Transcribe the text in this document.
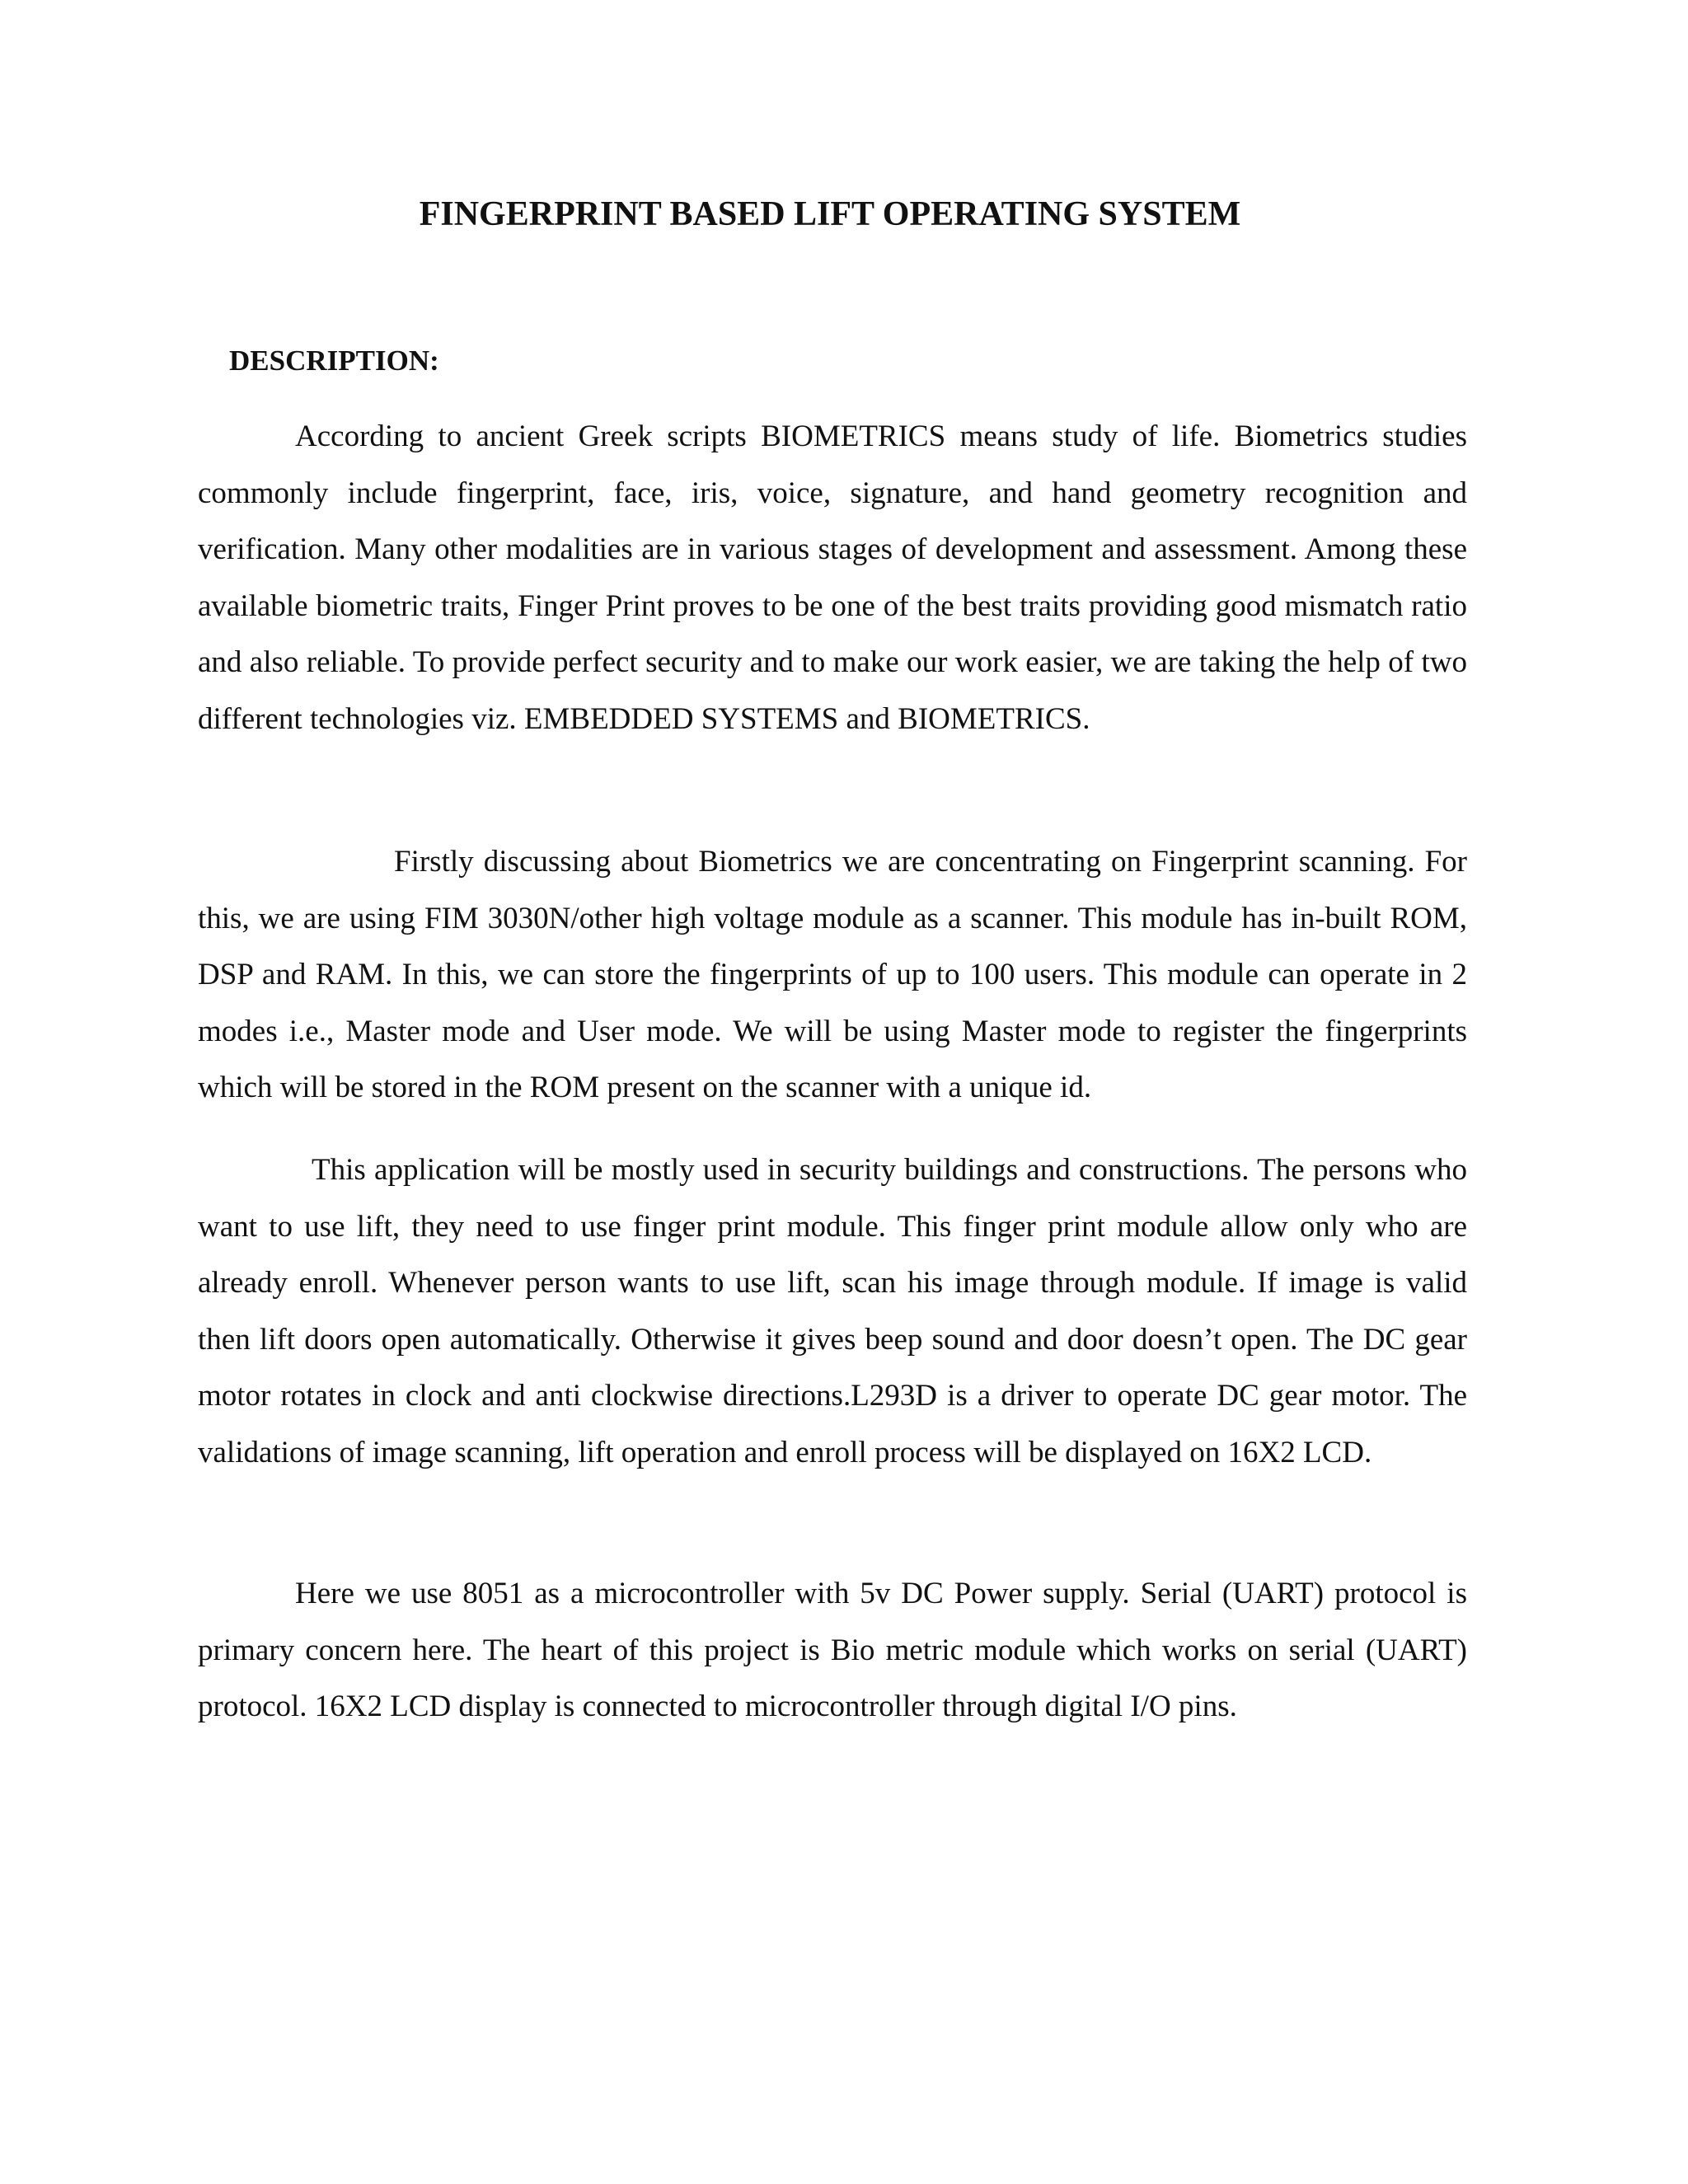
FINGERPRINT BASED LIFT OPERATING SYSTEM
DESCRIPTION:

According to ancient Greek scripts BIOMETRICS means study of life. Biometrics studies commonly include fingerprint, face, iris, voice, signature, and hand geometry recognition and verification. Many other modalities are in various stages of development and assessment. Among these available biometric traits, Finger Print proves to be one of the best traits providing good mismatch ratio and also reliable. To provide perfect security and to make our work easier, we are taking the help of two different technologies viz. EMBEDDED SYSTEMS and BIOMETRICS.

Firstly discussing about Biometrics we are concentrating on Fingerprint scanning. For this, we are using FIM 3030N/other high voltage module as a scanner. This module has in-built ROM, DSP and RAM. In this, we can store the fingerprints of up to 100 users. This module can operate in 2 modes i.e., Master mode and User mode. We will be using Master mode to register the fingerprints which will be stored in the ROM present on the scanner with a unique id.

This application will be mostly used in security buildings and constructions. The persons who want to use lift, they need to use finger print module. This finger print module allow only who are already enroll. Whenever person wants to use lift, scan his image through module. If image is valid then lift doors open automatically. Otherwise it gives beep sound and door doesn’t open. The DC gear motor rotates in clock and anti clockwise directions.L293D is a driver to operate DC gear motor. The validations of image scanning, lift operation and enroll process will be displayed on 16X2 LCD.

Here we use 8051 as a microcontroller with 5v DC Power supply. Serial (UART) protocol is primary concern here. The heart of this project is Bio metric module which works on serial (UART) protocol. 16X2 LCD display is connected to microcontroller through digital I/O pins.
